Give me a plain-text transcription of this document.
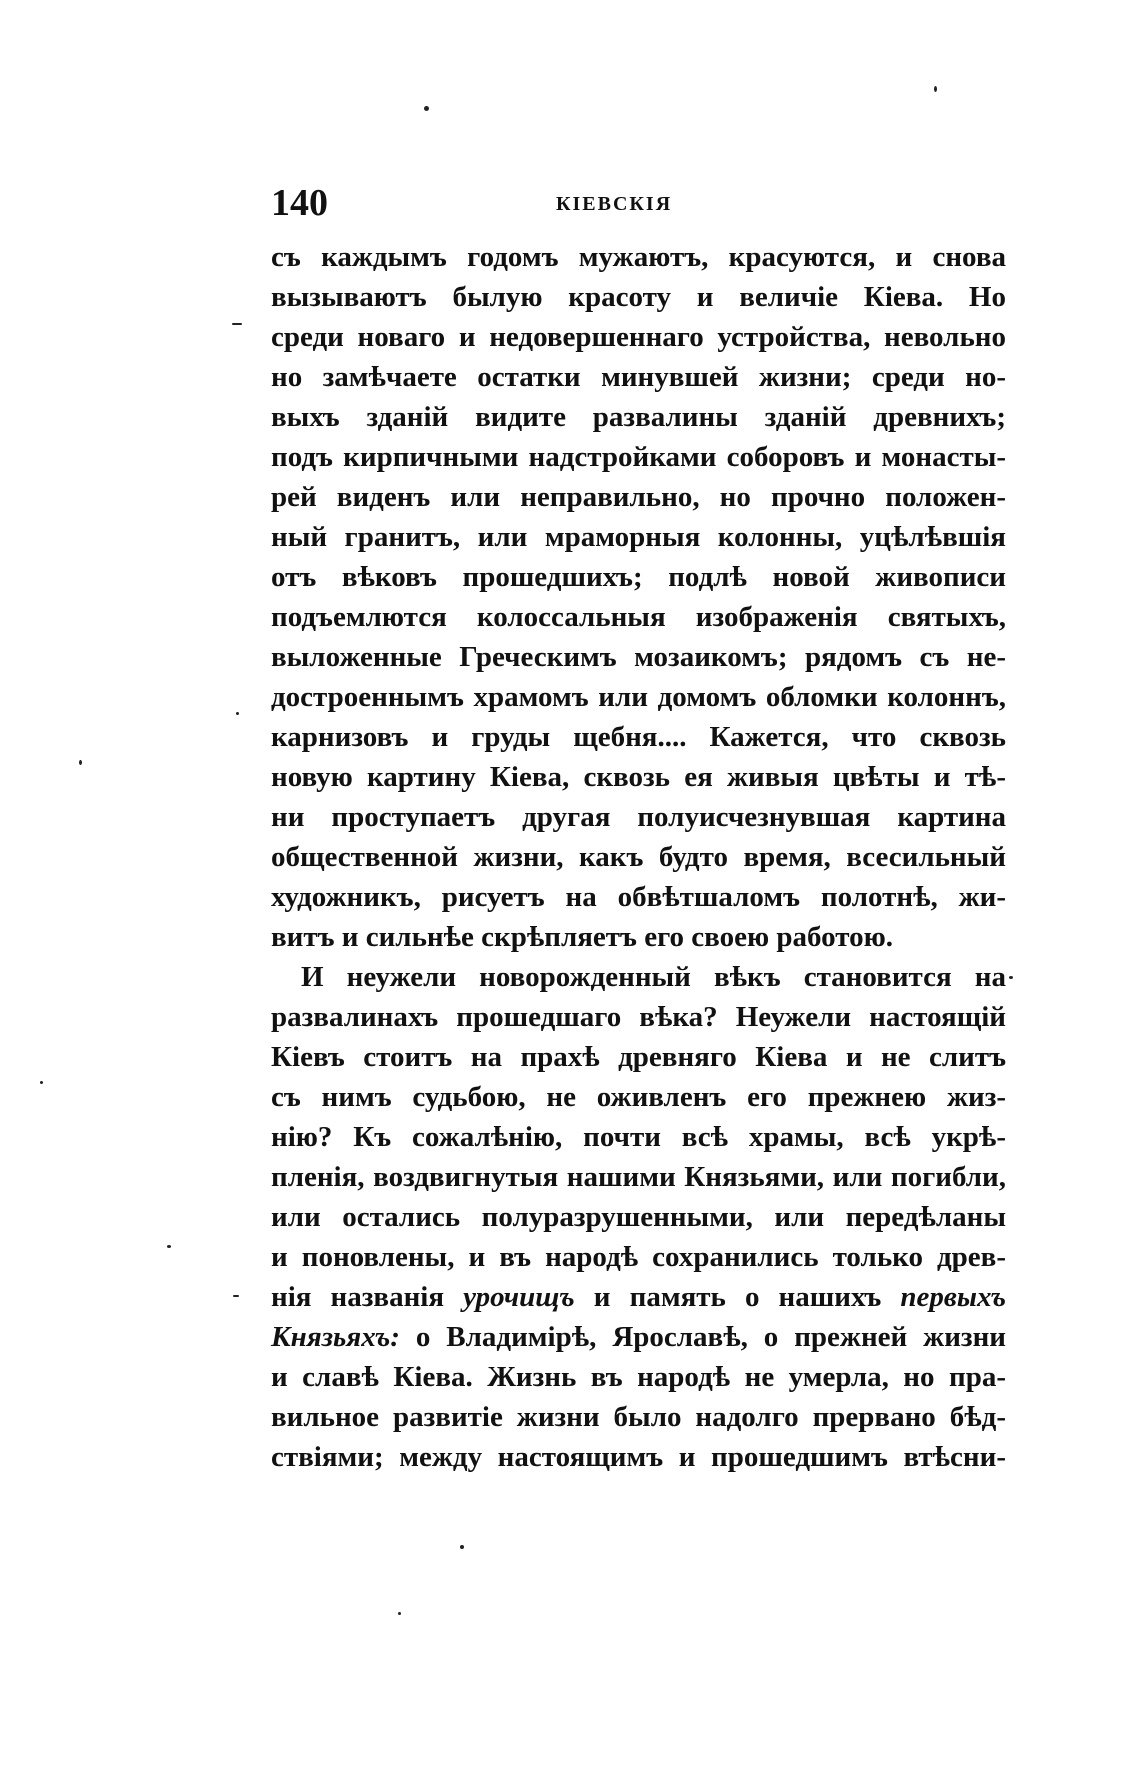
140	КІЕВСКІЯ
съ каждымъ годомъ мужаютъ, красуются, и снова
вызываютъ былую красоту и величіе Кіева. Но
среди новаго и недовершеннаго устройства, невольно
но замѣчаете остатки минувшей жизни; среди но-
выхъ зданій видите развалины зданій древнихъ;
подъ кирпичными надстройками соборовъ и монасты-
рей виденъ или неправильно, но прочно положен-
ный гранитъ, или мраморныя колонны, уцѣлѣвшія
отъ вѣковъ прошедшихъ; подлѣ новой живописи
подъемлются колоссальныя изображенія святыхъ,
выложенные Греческимъ мозаикомъ; рядомъ съ не-
достроеннымъ храмомъ или домомъ обломки колоннъ,
карнизовъ и груды щебня.... Кажется, что сквозь
новую картину Кіева, сквозь ея живыя цвѣты и тѣ-
ни проступаетъ другая полуисчезнувшая картина
общественной жизни, какъ будто время, всесильный
художникъ, рисуетъ на обвѣтшаломъ полотнѣ, жи-
витъ и сильнѣе скрѣпляетъ его своею работою.
И неужели новорожденный вѣкъ становится на
развалинахъ прошедшаго вѣка? Неужели настоящій
Кіевъ стоитъ на прахѣ древняго Кіева и не слитъ
съ нимъ судьбою, не оживленъ его прежнею жиз-
нію? Къ сожалѣнію, почти всѣ храмы, всѣ укрѣ-
пленія, воздвигнутыя нашими Князьями, или погибли,
или остались полуразрушенными, или передѣланы
и поновлены, и въ народѣ сохранились только древ-
нія названія урочищъ и память о нашихъ первыхъ
Князьяхъ: о Владимірѣ, Ярославѣ, о прежней жизни
и славѣ Кіева. Жизнь въ народѣ не умерла, но пра-
вильное развитіе жизни было надолго прервано бѣд-
ствіями; между настоящимъ и прошедшимъ втѣсни-
